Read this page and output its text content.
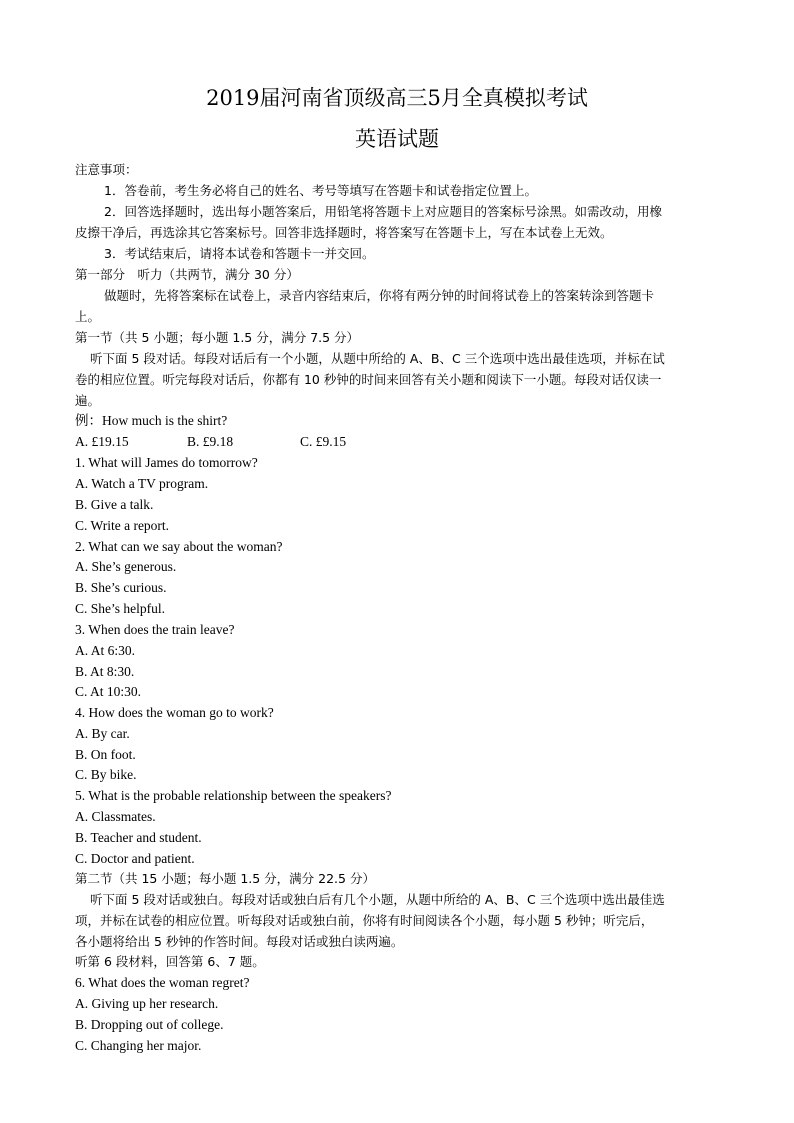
2019届河南省顶级高三5月全真模拟考试
英语试题
注意事项：
1．答卷前，考生务必将自己的姓名、考号等填写在答题卡和试卷指定位置上。
2．回答选择题时，选出每小题答案后，用铅笔将答题卡上对应题目的答案标号涂黑。如需改动，用橡
皮擦干净后，再选涂其它答案标号。回答非选择题时，将答案写在答题卡上，写在本试卷上无效。
3．考试结束后，请将本试卷和答题卡一并交回。
第一部分　听力（共两节，满分 30 分）
做题时，先将答案标在试卷上，录音内容结束后，你将有两分钟的时间将试卷上的答案转涂到答题卡
上。
第一节（共 5 小题；每小题 1.5 分，满分 7.5 分）
听下面 5 段对话。每段对话后有一个小题，从题中所给的 A、B、C 三个选项中选出最佳选项，并标在试
卷的相应位置。听完每段对话后，你都有 10 秒钟的时间来回答有关小题和阅读下一小题。每段对话仅读一
遍。
例：How much is the shirt?
A. £19.15	B. £9.18	C. £9.15
1. What will James do tomorrow?
A. Watch a TV program.
B. Give a talk.
C. Write a report.
2. What can we say about the woman?
A. She’s generous.
B. She’s curious.
C. She’s helpful.
3. When does the train leave?
A. At 6:30.
B. At 8:30.
C. At 10:30.
4. How does the woman go to work?
A. By car.
B. On foot.
C. By bike.
5. What is the probable relationship between the speakers?
A. Classmates.
B. Teacher and student.
C. Doctor and patient.
第二节（共 15 小题；每小题 1.5 分，满分 22.5 分）
听下面 5 段对话或独白。每段对话或独白后有几个小题，从题中所给的 A、B、C 三个选项中选出最佳选
项，并标在试卷的相应位置。听每段对话或独白前，你将有时间阅读各个小题，每小题 5 秒钟；听完后，
各小题将给出 5 秒钟的作答时间。每段对话或独白读两遍。
听第 6 段材料，回答第 6、7 题。
6. What does the woman regret?
A. Giving up her research.
B. Dropping out of college.
C. Changing her major.
